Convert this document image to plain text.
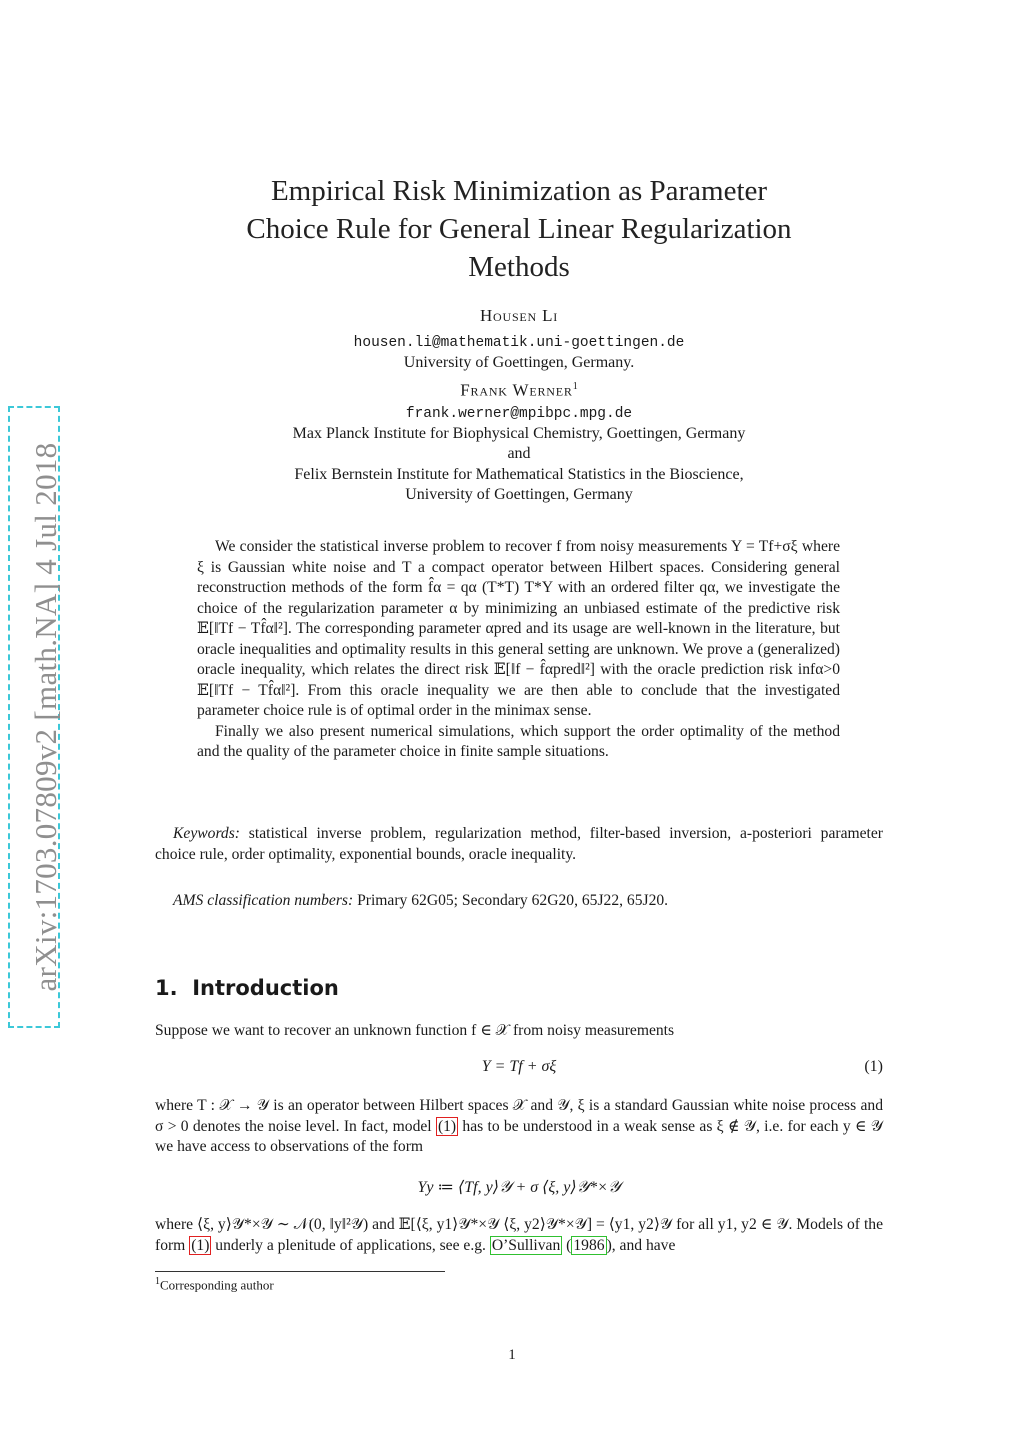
arXiv:1703.07809v2 [math.NA] 4 Jul 2018
Empirical Risk Minimization as Parameter Choice Rule for General Linear Regularization Methods
Housen Li
housen.li@mathematik.uni-goettingen.de
University of Goettingen, Germany.
Frank Werner$^1$
frank.werner@mpibpc.mpg.de
Max Planck Institute for Biophysical Chemistry, Goettingen, Germany
and
Felix Bernstein Institute for Mathematical Statistics in the Bioscience,
University of Goettingen, Germany

We consider the statistical inverse problem to recover f from noisy measurements Y = Tf+σξ where ξ is Gaussian white noise and T a compact operator between Hilbert spaces. Considering general reconstruction methods of the form f̂α = qα (T*T) T*Y with an ordered filter qα, we investigate the choice of the regularization parameter α by minimizing an unbiased estimate of the predictive risk 𝔼[‖Tf − Tf̂α‖²]. The corresponding parameter αpred and its usage are well-known in the literature, but oracle inequalities and optimality results in this general setting are unknown. We prove a (generalized) oracle inequality, which relates the direct risk 𝔼[‖f − f̂αpred‖²] with the oracle prediction risk infα>0 𝔼[‖Tf − Tf̂α‖²]. From this oracle inequality we are then able to conclude that the investigated parameter choice rule is of optimal order in the minimax sense.

Finally we also present numerical simulations, which support the order optimality of the method and the quality of the parameter choice in finite sample situations.

Keywords: statistical inverse problem, regularization method, filter-based inversion, a-posteriori parameter choice rule, order optimality, exponential bounds, oracle inequality.

AMS classification numbers: Primary 62G05; Secondary 62G20, 65J22, 65J20.

1. Introduction
Suppose we want to recover an unknown function f ∈ 𝒳 from noisy measurements
Y = Tf + σξ	(1)

where T : 𝒳 → 𝒴 is an operator between Hilbert spaces 𝒳 and 𝒴, ξ is a standard Gaussian white noise process and σ > 0 denotes the noise level. In fact, model (1) has to be understood in a weak sense as ξ ∉ 𝒴, i.e. for each y ∈ 𝒴 we have access to observations of the form

Yy ≔ ⟨Tf, y⟩𝒴 + σ ⟨ξ, y⟩𝒴*×𝒴

where ⟨ξ, y⟩𝒴*×𝒴 ∼ 𝒩(0, ‖y‖²𝒴) and 𝔼[⟨ξ, y1⟩𝒴*×𝒴 ⟨ξ, y2⟩𝒴*×𝒴] = ⟨y1, y2⟩𝒴 for all y1, y2 ∈ 𝒴. Models of the form (1) underly a plenitude of applications, see e.g. O’Sullivan ( 1986 ), and have

$^1$Corresponding author
1
